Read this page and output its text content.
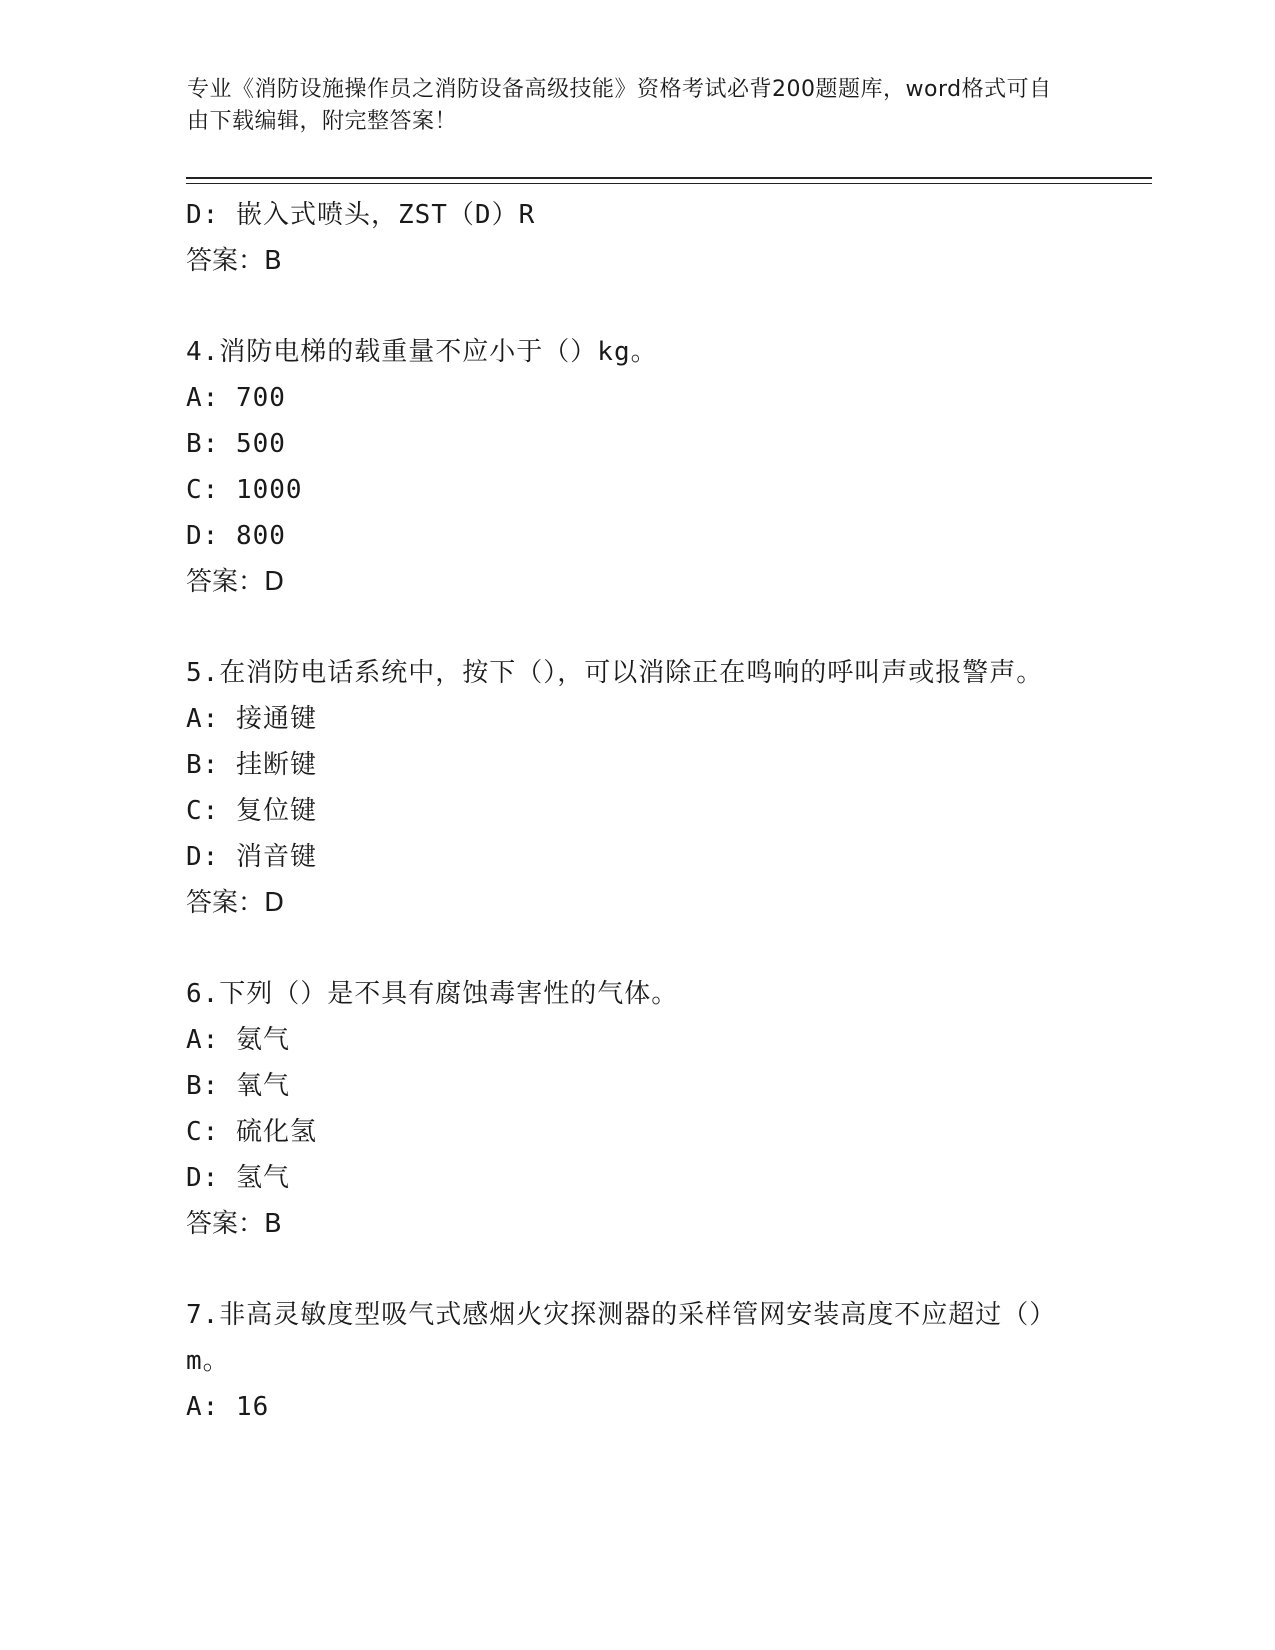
专业《消防设施操作员之消防设备高级技能》资格考试必背200题题库，word格式可自由下载编辑，附完整答案！
D: 嵌入式喷头，ZST（D）R
答案：B
4.消防电梯的载重量不应小于（）kg。
A: 700
B: 500
C: 1000
D: 800
答案：D
5.在消防电话系统中，按下（），可以消除正在鸣响的呼叫声或报警声。
A: 接通键
B: 挂断键
C: 复位键
D: 消音键
答案：D
6.下列（）是不具有腐蚀毒害性的气体。
A: 氨气
B: 氧气
C: 硫化氢
D: 氢气
答案：B
7.非高灵敏度型吸气式感烟火灾探测器的采样管网安装高度不应超过（）m。
A: 16
